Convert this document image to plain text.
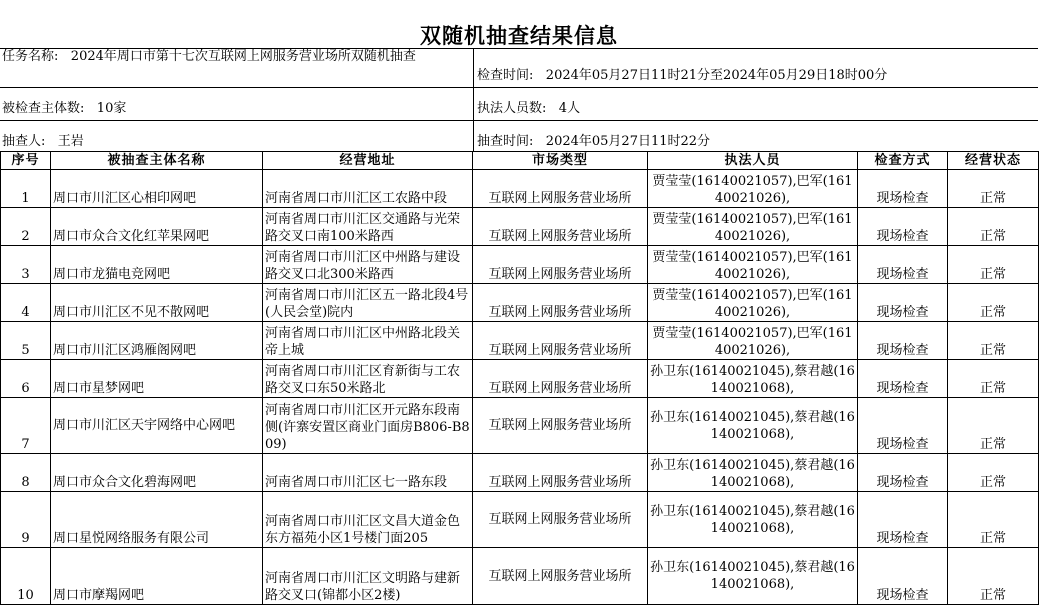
双随机抽查结果信息
任务名称: 2024年周口市第十七次互联网上网服务营业场所双随机抽查
检查时间: 2024年05月27日11时21分至2024年05月29日18时00分
被检查主体数: 10家	执法人员数: 4人
抽查人: 王岩	抽查时间: 2024年05月27日11时22分
序号	被抽查主体名称	经营地址	市场类型	执法人员	检查方式	经营状态
1	周口市川汇区心相印网吧	河南省周口市川汇区工农路中段	互联网上网服务营业场所	贾莹莹(16140021057),巴军(16140021026),	现场检查	正常
2	周口市众合文化红苹果网吧	河南省周口市川汇区交通路与光荣路交叉口南100米路西	互联网上网服务营业场所	贾莹莹(16140021057),巴军(16140021026),	现场检查	正常
3	周口市龙猫电竞网吧	河南省周口市川汇区中州路与建设路交叉口北300米路西	互联网上网服务营业场所	贾莹莹(16140021057),巴军(16140021026),	现场检查	正常
4	周口市川汇区不见不散网吧	河南省周口市川汇区五一路北段4号(人民会堂)院内	互联网上网服务营业场所	贾莹莹(16140021057),巴军(16140021026),	现场检查	正常
5	周口市川汇区鸿雁阁网吧	河南省周口市川汇区中州路北段关帝上城	互联网上网服务营业场所	贾莹莹(16140021057),巴军(16140021026),	现场检查	正常
6	周口市星梦网吧	河南省周口市川汇区育新街与工农路交叉口东50米路北	互联网上网服务营业场所	孙卫东(16140021045),蔡君越(16140021068),	现场检查	正常
7	周口市川汇区天宇网络中心网吧	河南省周口市川汇区开元路东段南侧(许寨安置区商业门面房B806-B809)	互联网上网服务营业场所	孙卫东(16140021045),蔡君越(16140021068),	现场检查	正常
8	周口市众合文化碧海网吧	河南省周口市川汇区七一路东段	互联网上网服务营业场所	孙卫东(16140021045),蔡君越(16140021068),	现场检查	正常
9	周口星悦网络服务有限公司	河南省周口市川汇区文昌大道金色东方福苑小区1号楼门面205	互联网上网服务营业场所	孙卫东(16140021045),蔡君越(16140021068),	现场检查	正常
10	周口市摩羯网吧	河南省周口市川汇区文明路与建新路交叉口(锦都小区2楼)	互联网上网服务营业场所	孙卫东(16140021045),蔡君越(16140021068),	现场检查	正常
